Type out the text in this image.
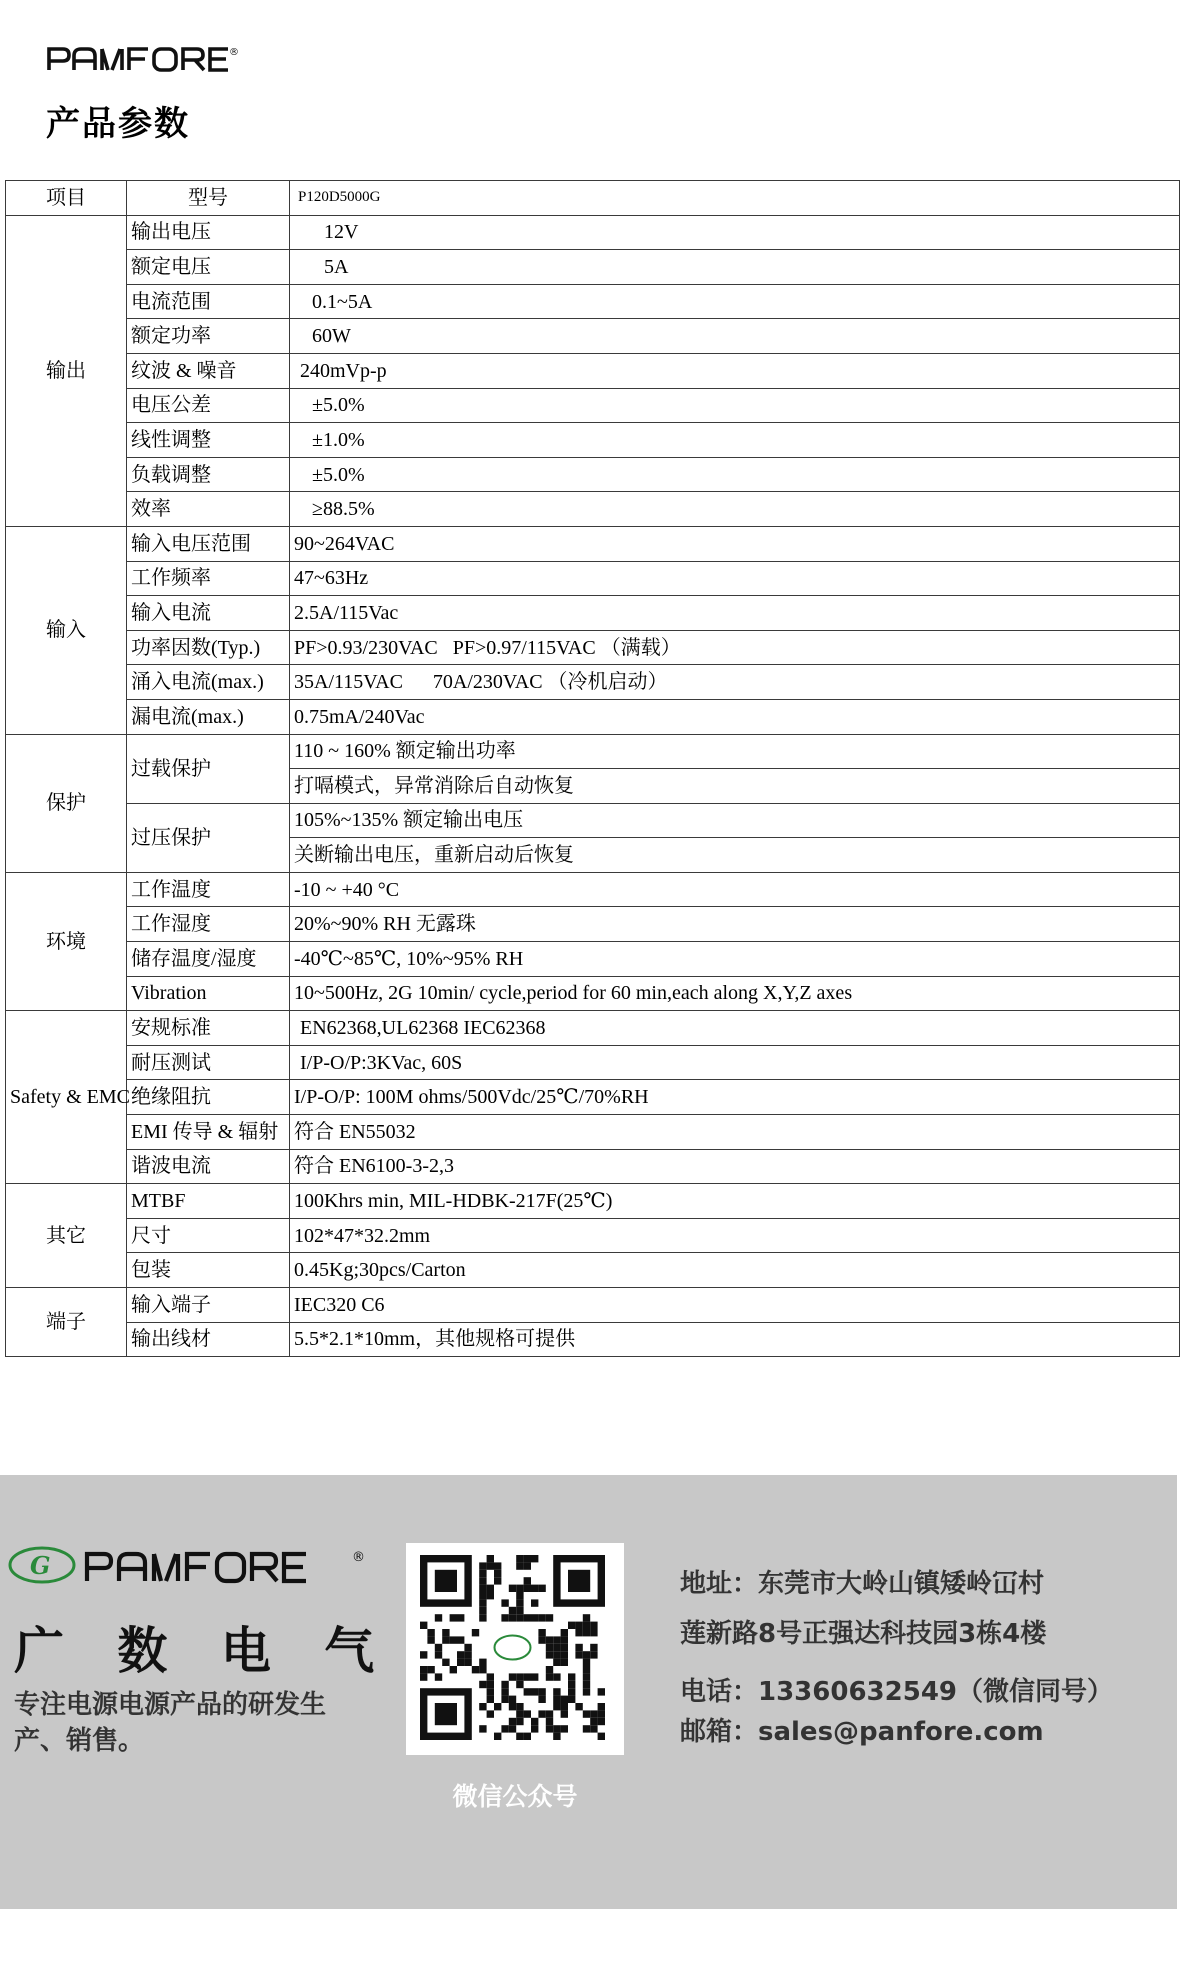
®
产品参数
项目	型号	P120D5000G
输出	输出电压	12V
	额定电压	5A
	电流范围	0.1~5A
	额定功率	60W
	纹波 & 噪音	240mVp-p
	电压公差	±5.0%
	线性调整	±1.0%
	负载调整	±5.0%
	效率	≥88.5%
输入	输入电压范围	90~264VAC
	工作频率	47~63Hz
	输入电流	2.5A/115Vac
	功率因数(Typ.)	PF>0.93/230VAC   PF>0.97/115VAC （满载）
	涌入电流(max.)	35A/115VAC      70A/230VAC （冷机启动）
	漏电流(max.)	0.75mA/240Vac
保护	过载保护	110 ~ 160% 额定输出功率
		打嗝模式，异常消除后自动恢复
	过压保护	105%~135% 额定输出电压
		关断输出电压，重新启动后恢复
环境	工作温度	-10 ~ +40 °C
	工作湿度	20%~90% RH 无露珠
	储存温度/湿度	-40℃~85℃, 10%~95% RH
	Vibration	10~500Hz, 2G 10min/ cycle,period for 60 min,each along X,Y,Z axes
Safety & EMC	安规标准	EN62368,UL62368 IEC62368
	耐压测试	I/P-O/P:3KVac, 60S
	绝缘阻抗	I/P-O/P: 100M ohms/500Vdc/25℃/70%RH
	EMI 传导 & 辐射	符合 EN55032
	谐波电流	符合 EN6100-3-2,3
其它	MTBF	100Khrs min, MIL-HDBK-217F(25℃)
	尺寸	102*47*32.2mm
	包装	0.45Kg;30pcs/Carton
端子	输入端子	IEC320 C6
	输出线材	5.5*2.1*10mm，其他规格可提供
G	®
广 数 电 气
专注电源电源产品的研发生产、销售。
微信公众号
地址：东莞市大岭山镇矮岭冚村
莲新路8号正强达科技园3栋4楼
电话：13360632549（微信同号）
邮箱：sales@panfore.com
